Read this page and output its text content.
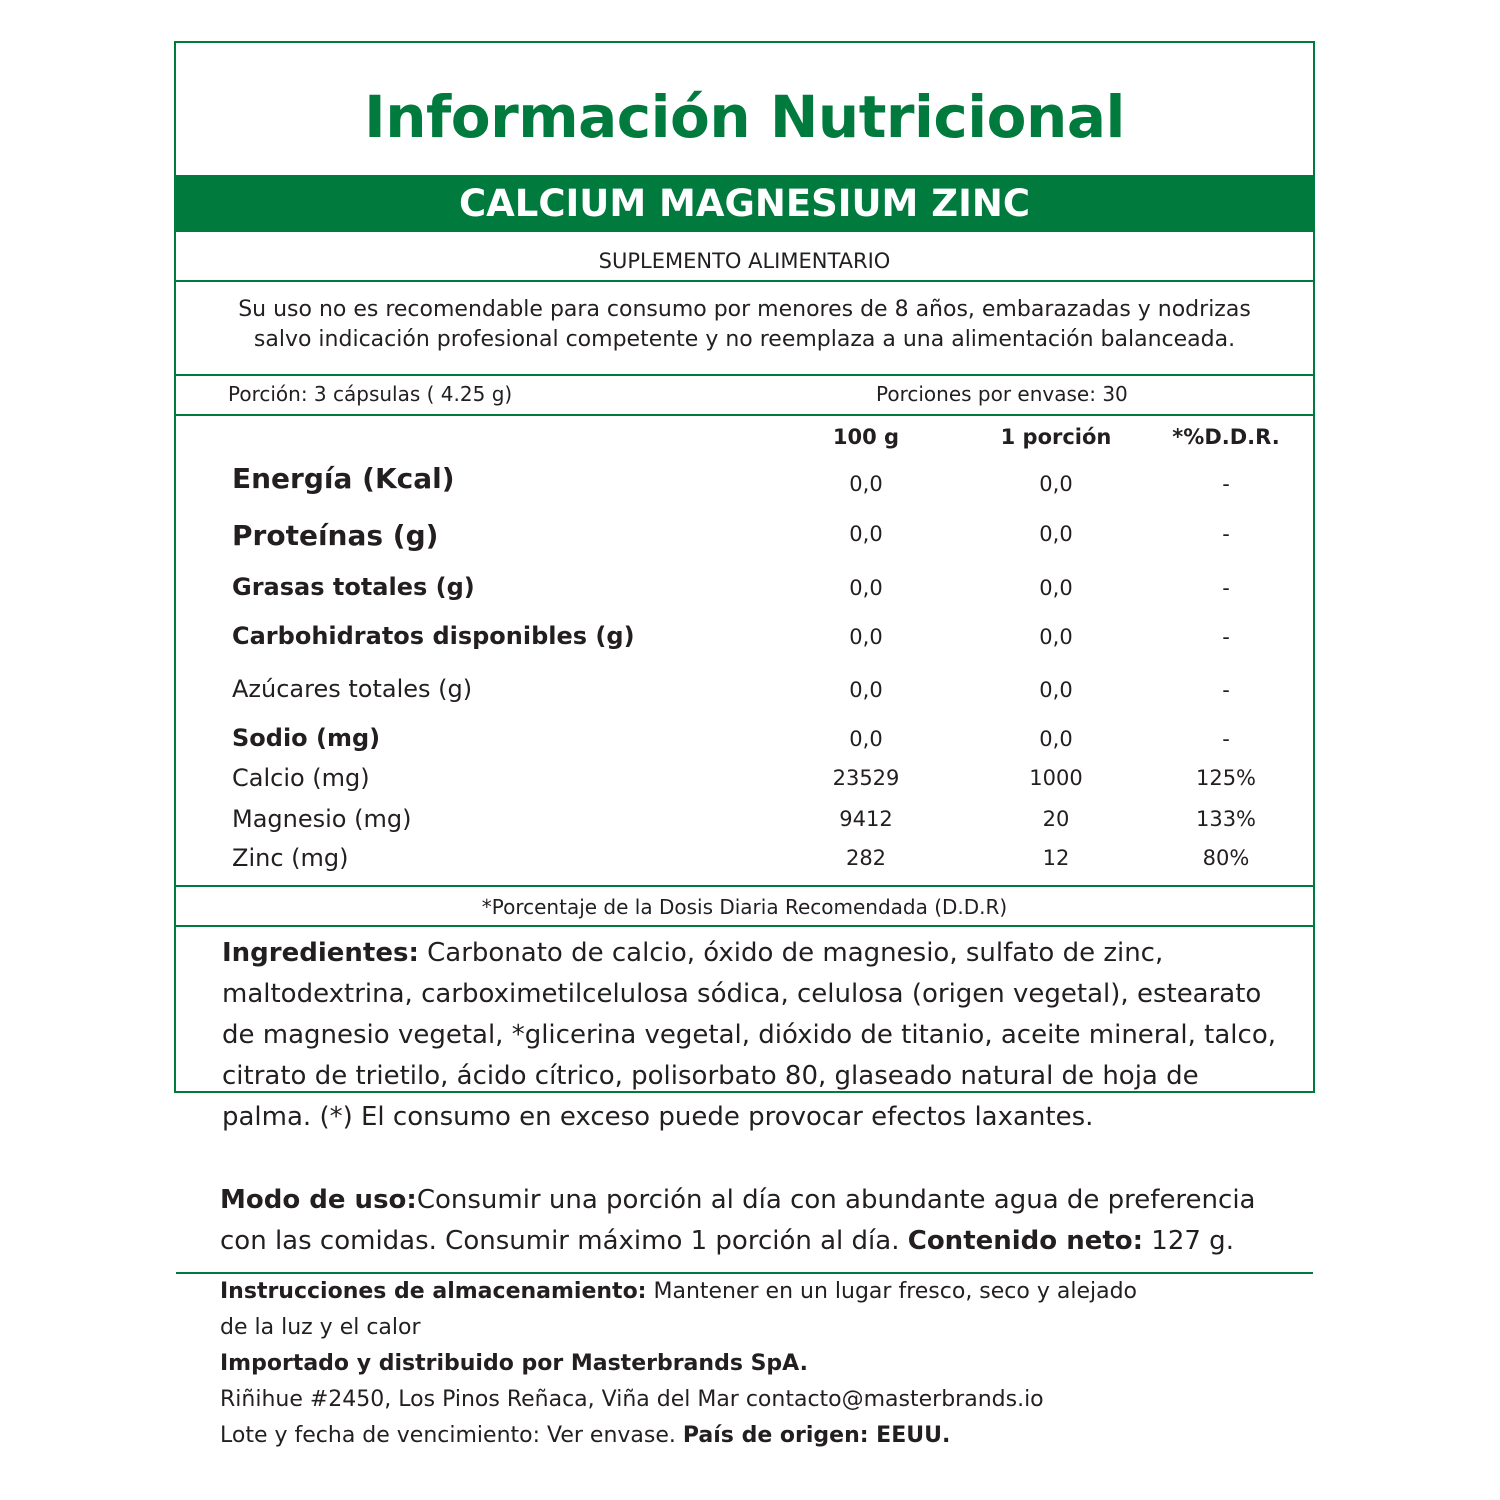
Información Nutricional
CALCIUM MAGNESIUM ZINC
SUPLEMENTO ALIMENTARIO
Su uso no es recomendable para consumo por menores de 8 años, embarazadas y nodrizas
salvo indicación profesional competente y no reemplaza a una alimentación balanceada.
Porción: 3 cápsulas ( 4.25 g)	Porciones por envase: 30
100 g	1 porción	*%D.D.R.
Energía (Kcal)	0,0	0,0	-
Proteínas (g)	0,0	0,0	-
Grasas totales (g)	0,0	0,0	-
Carbohidratos disponibles (g)	0,0	0,0	-
Azúcares totales (g)	0,0	0,0	-
Sodio (mg)	0,0	0,0	-
Calcio (mg)	23529	1000	125%
Magnesio (mg)	9412	20	133%
Zinc (mg)	282	12	80%
*Porcentaje de la Dosis Diaria Recomendada (D.D.R)
Ingredientes: Carbonato de calcio, óxido de magnesio, sulfato de zinc, maltodextrina, carboximetilcelulosa sódica, celulosa (origen vegetal), estearato de magnesio vegetal, *glicerina vegetal, dióxido de titanio, aceite mineral, talco, citrato de trietilo, ácido cítrico, polisorbato 80, glaseado natural de hoja de palma. (*) El consumo en exceso puede provocar efectos laxantes.
Modo de uso:Consumir una porción al día con abundante agua de preferencia con las comidas. Consumir máximo 1 porción al día. Contenido neto: 127 g.
Instrucciones de almacenamiento: Mantener en un lugar fresco, seco y alejado
de la luz y el calor
Importado y distribuido por Masterbrands SpA.
Riñihue #2450, Los Pinos Reñaca, Viña del Mar contacto@masterbrands.io
Lote y fecha de vencimiento: Ver envase. País de origen: EEUU.
